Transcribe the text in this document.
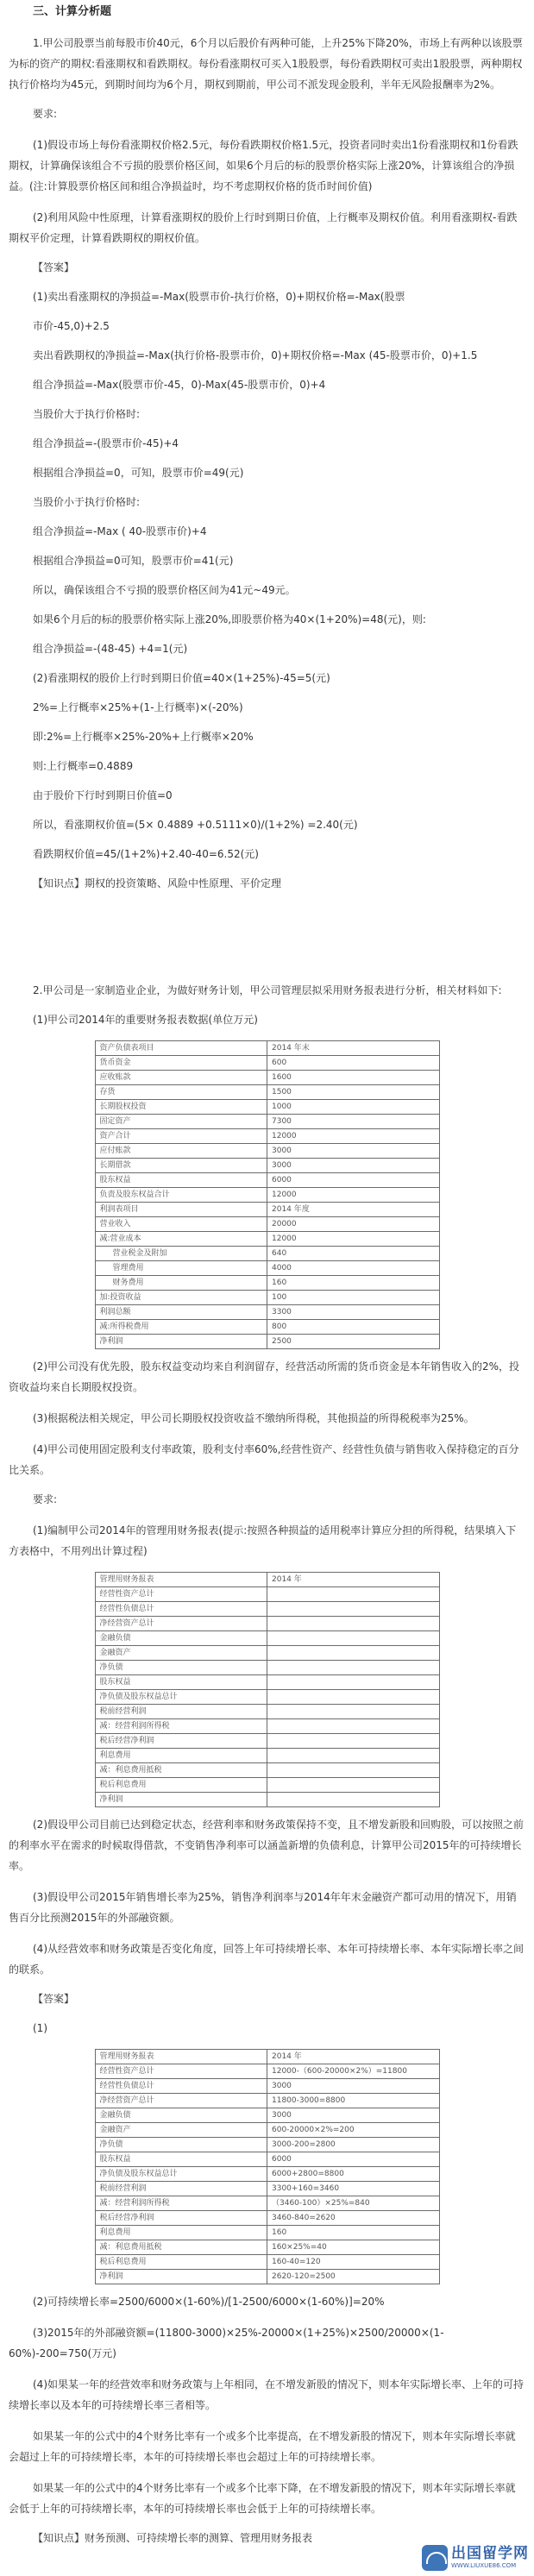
三、计算分析题

1.甲公司股票当前每股市价40元，6个月以后股价有两种可能，上升25%下降20%，市场上有两种以该股票为标的资产的期权:看涨期权和看跌期权。每份看涨期权可买入1股股票，每份看跌期权可卖出1股股票，两种期权执行价格均为45元，到期时间均为6个月，期权到期前，甲公司不派发现金股利，半年无风险报酬率为2%。

要求:

(1)假设市场上每份看涨期权价格2.5元，每份看跌期权价格1.5元，投资者同时卖出1份看涨期权和1份看跌期权，计算确保该组合不亏损的股票价格区间，如果6个月后的标的股票价格实际上涨20%，计算该组合的净损益。(注:计算股票价格区间和组合净损益时，均不考虑期权价格的货币时间价值)

(2)利用风险中性原理，计算看涨期权的股价上行时到期日价值，上行概率及期权价值。利用看涨期权-看跌期权平价定理，计算看跌期权的期权价值。

【答案】

(1)卖出看涨期权的净损益=-Max(股票市价-执行价格，0)+期权价格=-Max(股票

市价-45,0)+2.5

卖出看跌期权的净损益=-Max(执行价格-股票市价，0)+期权价格=-Max (45-股票市价，0)+1.5

组合净损益=-Max(股票市价-45，0)-Max(45-股票市价，0)+4

当股价大于执行价格时:

组合净损益=-(股票市价-45)+4

根据组合净损益=0，可知，股票市价=49(元)

当股价小于执行价格时:

组合净损益=-Max ( 40-股票市价)+4

根据组合净损益=0可知，股票市价=41(元)

所以，确保该组合不亏损的股票价格区间为41元~49元。

如果6个月后的标的股票价格实际上涨20%,即股票价格为40×(1+20%)=48(元)，则:

组合净损益=-(48-45) +4=1(元)

(2)看涨期权的股价上行时到期日价值=40×(1+25%)-45=5(元)

2%=上行概率×25%+(1-上行概率)×(-20%)

即:2%=上行概率×25%-20%+上行概率×20%

则:上行概率=0.4889

由于股价下行时到期日价值=0

所以，看涨期权价值=(5× 0.4889 +0.5111×0)/(1+2%) =2.40(元)

看跌期权价值=45/(1+2%)+2.40-40=6.52(元)

【知识点】期权的投资策略、风险中性原理、平价定理

2.甲公司是一家制造业企业，为做好财务计划，甲公司管理层拟采用财务报表进行分析，相关材料如下:

(1)甲公司2014年的重要财务报表数据(单位万元)

资产负债表项目	2014 年末
货币资金	600
应收账款	1600
存货	1500
长期股权投资	1000
固定资产	7300
资产合计	12000
应付账款	3000
长期借款	3000
股东权益	6000
负责及股东权益合计	12000
利润表项目	2014 年度
营业收入	20000
减:营业成本	12000
营业税金及附加	640
管理费用	4000
财务费用	160
加:投资收益	100
利润总额	3300
减:所得税费用	800
净利润	2500

(2)甲公司没有优先股，股东权益变动均来自利润留存，经营活动所需的货币资金是本年销售收入的2%，投资收益均来自长期股权投资。

(3)根据税法相关规定，甲公司长期股权投资收益不缴纳所得税，其他损益的所得税税率为25%。

(4)甲公司使用固定股利支付率政策，股利支付率60%,经营性资产、经营性负债与销售收入保持稳定的百分比关系。

要求:

(1)编制甲公司2014年的管理用财务报表(提示:按照各种损益的适用税率计算应分担的所得税，结果填入下方表格中，不用列出计算过程)

管理用财务报表	2014 年
经营性资产总计	
经营性负债总计	
净经营资产总计	
金融负债	
金融资产	
净负债	
股东权益	
净负债及股东权益总计	
税前经营利润	
减：经营利润所得税	
税后经营净利润	
利息费用	
减：利息费用抵税	
税后利息费用	
净利润	

(2)假设甲公司目前已达到稳定状态，经营利率和财务政策保持不变，且不增发新股和回购股，可以按照之前的利率水平在需求的时候取得借款，不变销售净利率可以涵盖新增的负债利息，计算甲公司2015年的可持续增长率。

(3)假设甲公司2015年销售增长率为25%，销售净利润率与2014年年末金融资产都可动用的情况下，用销售百分比预测2015年的外部融资额。

(4)从经营效率和财务政策是否变化角度，回答上年可持续增长率、本年可持续增长率、本年实际增长率之间的联系。

【答案】

(1)

管理用财务报表	2014 年
经营性资产总计	12000-（600-20000×2%）=11800
经营性负债总计	3000
净经营资产总计	11800-3000=8800
金融负债	3000
金融资产	600-20000×2%=200
净负债	3000-200=2800
股东权益	6000
净负债及股东权益总计	6000+2800=8800
税前经营利润	3300+160=3460
减：经营利润所得税	（3460-100）×25%=840
税后经营净利润	3460-840=2620
利息费用	160
减：利息费用抵税	160×25%=40
税后利息费用	160-40=120
净利润	2620-120=2500

(2)可持续增长率=2500/6000×(1-60%)/[1-2500/6000×(1-60%)]=20%

(3)2015年的外部融资额=(11800-3000)×25%-20000×(1+25%)×2500/20000×(1-60%)-200=750(万元)

(4)如果某一年的经营效率和财务政策与上年相同，在不增发新股的情况下，则本年实际增长率、上年的可持续增长率以及本年的可持续增长率三者相等。

如果某一年的公式中的4个财务比率有一个或多个比率提高，在不增发新股的情况下，则本年实际增长率就会超过上年的可持续增长率，本年的可持续增长率也会超过上年的可持续增长率。

如果某一年的公式中的4个财务比率有一个或多个比率下降，在不增发新股的情况下，则本年实际增长率就会低于上年的可持续增长率，本年的可持续增长率也会低于上年的可持续增长率。

【知识点】财务预测、可持续增长率的测算、管理用财务报表

出国留学网
WWW.LIUXUE86.COM
